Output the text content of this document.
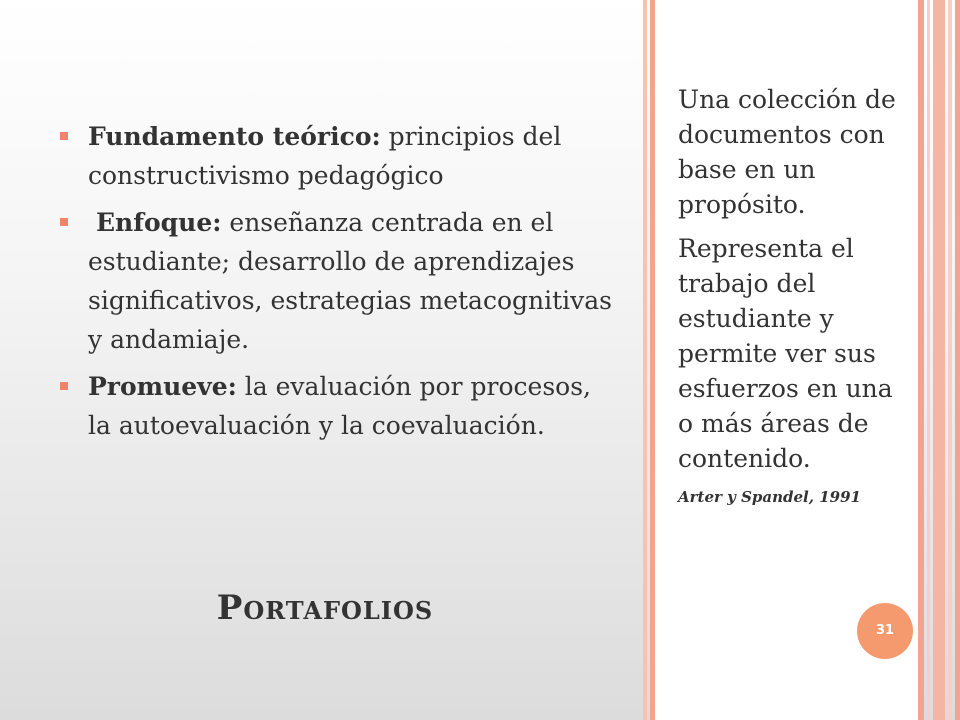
Fundamento teórico: principios del constructivismo pedagógico
Enfoque: enseñanza centrada en el estudiante; desarrollo de aprendizajes significativos, estrategias metacognitivas y andamiaje.
Promueve: la evaluación por procesos, la autoevaluación y la coevaluación.
PORTAFOLIOS

Una colección de documentos con base en un propósito.

Representa el trabajo del estudiante y permite ver sus esfuerzos en una o más áreas de contenido.

Arter y Spandel, 1991
31
